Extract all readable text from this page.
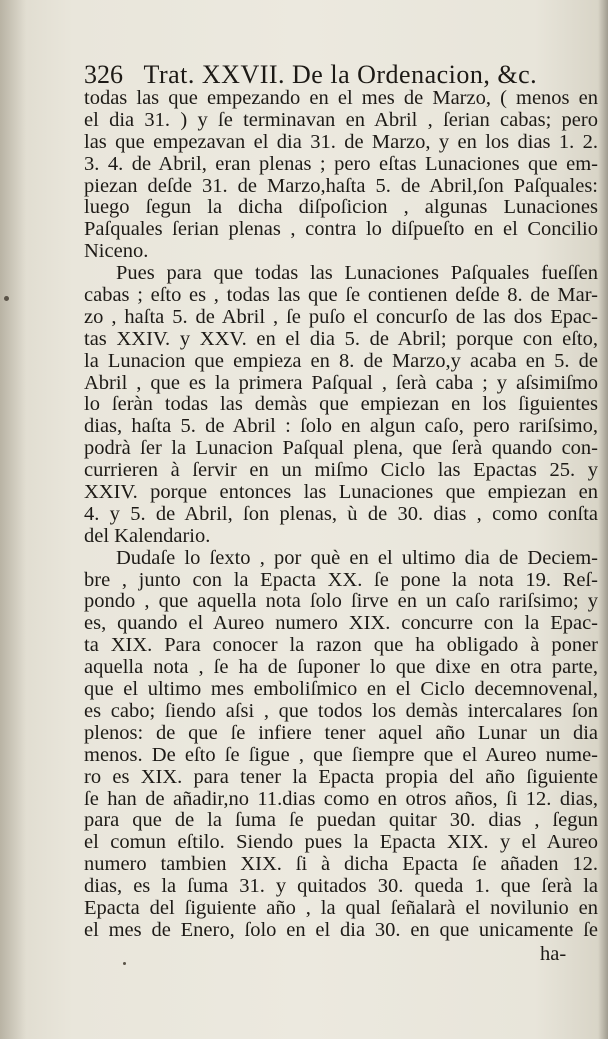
326 Trat. XXVII. De la Ordenacion, &c.
todas las que empezando en el mes de Marzo, ( menos en
el dia 31. ) y ſe terminavan en Abril , ſerian cabas; pero
las que empezavan el dia 31. de Marzo, y en los dias 1. 2.
3. 4. de Abril, eran plenas ; pero eſtas Lunaciones que em-
piezan deſde 31. de Marzo,haſta 5. de Abril,ſon Paſquales:
luego ſegun la dicha diſpoſicion , algunas Lunaciones
Paſquales ſerian plenas , contra lo diſpueſto en el Concilio
Niceno.
Pues para que todas las Lunaciones Paſquales fueſſen
cabas ; eſto es , todas las que ſe contienen deſde 8. de Mar-
zo , haſta 5. de Abril , ſe puſo el concurſo de las dos Epac-
tas XXIV. y XXV. en el dia 5. de Abril; porque con eſto,
la Lunacion que empieza en 8. de Marzo,y acaba en 5. de
Abril , que es la primera Paſqual , ſerà caba ; y aſsimiſmo
lo ſeràn todas las demàs que empiezan en los ſiguientes
dias, haſta 5. de Abril : ſolo en algun caſo, pero rariſsimo,
podrà ſer la Lunacion Paſqual plena, que ſerà quando con-
currieren à ſervir en un miſmo Ciclo las Epactas 25. y
XXIV. porque entonces las Lunaciones que empiezan en
4. y 5. de Abril, ſon plenas, ù de 30. dias , como conſta
del Kalendario.
Dudaſe lo ſexto , por què en el ultimo dia de Deciem-
bre , junto con la Epacta XX. ſe pone la nota 19. Reſ-
pondo , que aquella nota ſolo ſirve en un caſo rariſsimo; y
es, quando el Aureo numero XIX. concurre con la Epac-
ta XIX. Para conocer la razon que ha obligado à poner
aquella nota , ſe ha de ſuponer lo que dixe en otra parte,
que el ultimo mes emboliſmico en el Ciclo decemnovenal,
es cabo; ſiendo aſsi , que todos los demàs intercalares ſon
plenos: de que ſe infiere tener aquel año Lunar un dia
menos. De eſto ſe ſigue , que ſiempre que el Aureo nume-
ro es XIX. para tener la Epacta propia del año ſiguiente
ſe han de añadir,no 11.dias como en otros años, ſi 12. dias,
para que de la ſuma ſe puedan quitar 30. dias , ſegun
el comun eſtilo. Siendo pues la Epacta XIX. y el Aureo
numero tambien XIX. ſi à dicha Epacta ſe añaden 12.
dias, es la ſuma 31. y quitados 30. queda 1. que ſerà la
Epacta del ſiguiente año , la qual ſeñalarà el novilunio en
el mes de Enero, ſolo en el dia 30. en que unicamente ſe
ha-
